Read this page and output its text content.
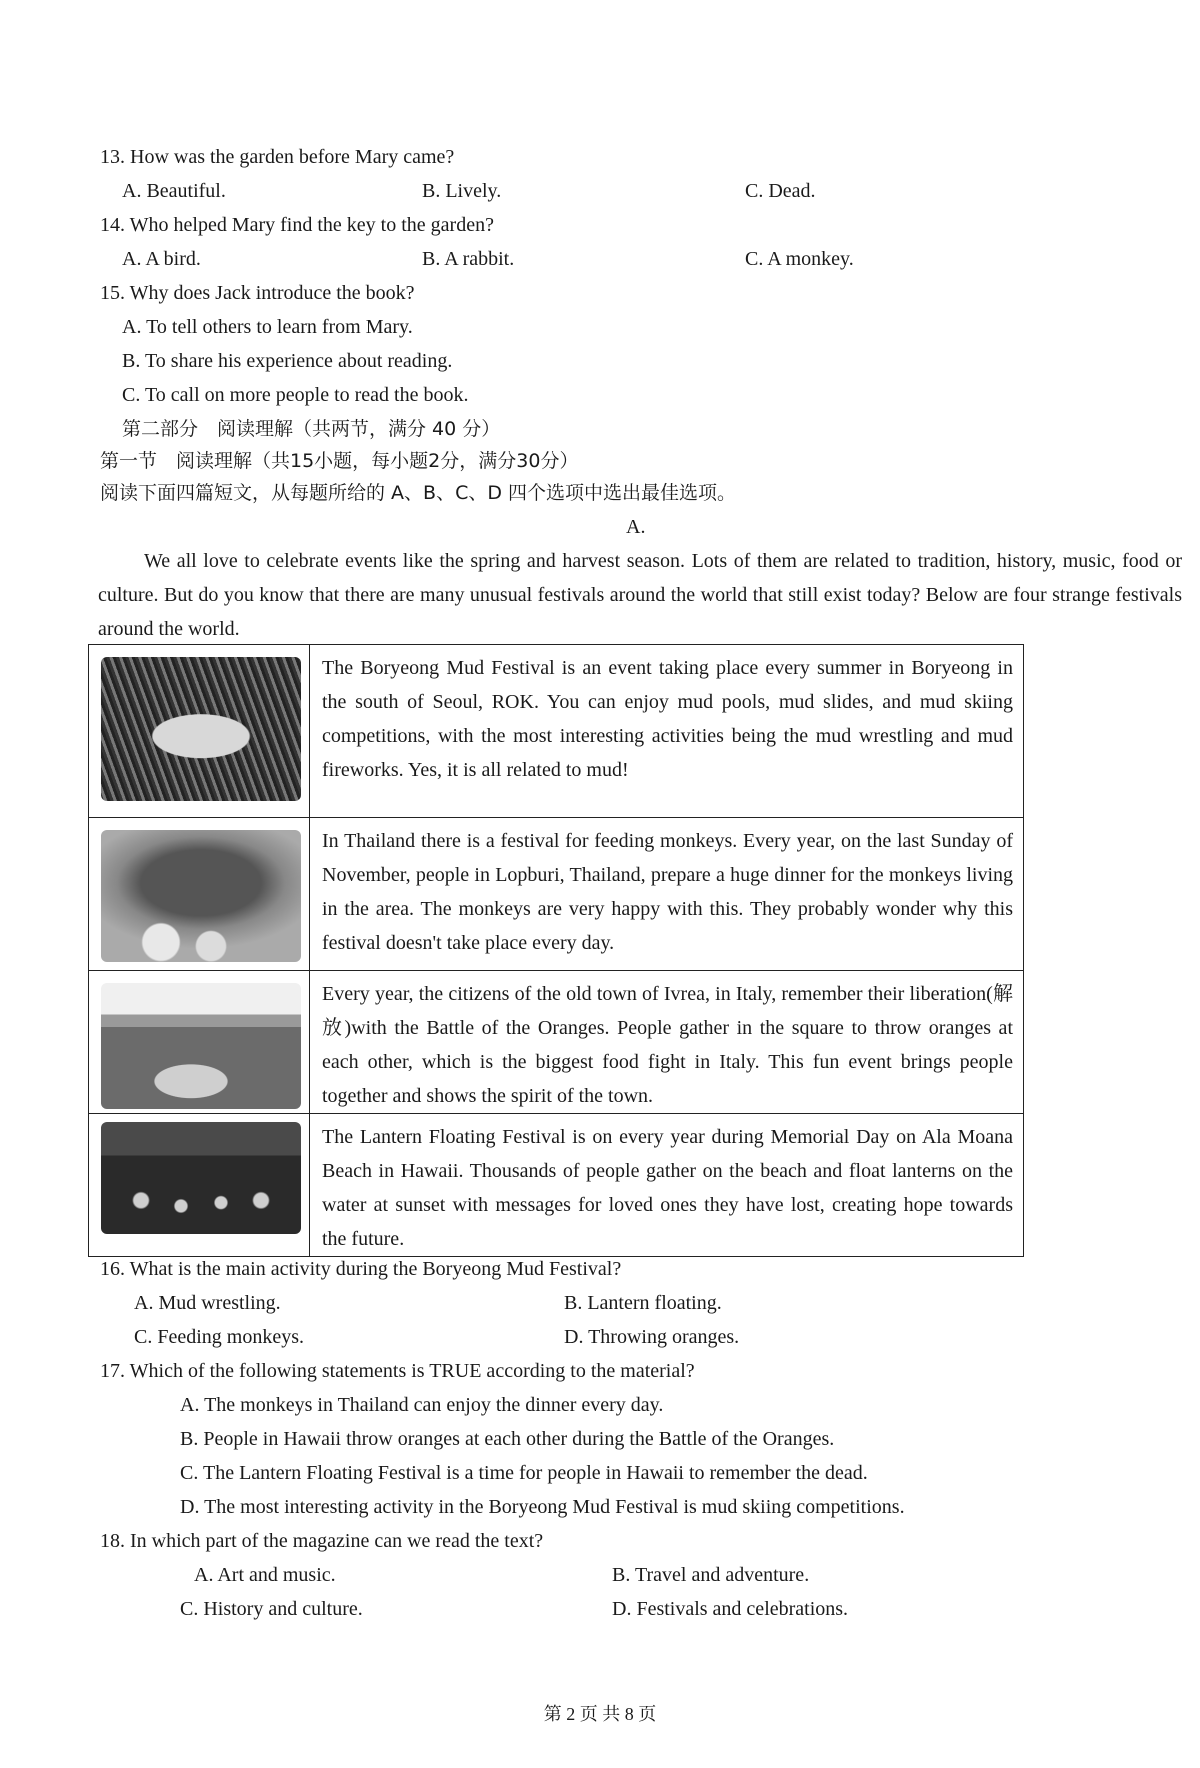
13. How was the garden before Mary came?
A. Beautiful.	B. Lively.	C. Dead.
14. Who helped Mary find the key to the garden?
A. A bird.	B. A rabbit.	C. A monkey.
15. Why does Jack introduce the book?
A. To tell others to learn from Mary.
B. To share his experience about reading.
C. To call on more people to read the book.
第二部分　阅读理解（共两节，满分 40 分）
第一节　阅读理解（共15小题，每小题2分，满分30分）
阅读下面四篇短文，从每题所给的 A、B、C、D 四个选项中选出最佳选项。
A.

We all love to celebrate events like the spring and harvest season. Lots of them are related to tradition, history, music, food or culture. But do you know that there are many unusual festivals around the world that still exist today? Below are four strange festivals around the world.

	The Boryeong Mud Festival is an event taking place every summer in Boryeong in the south of Seoul, ROK. You can enjoy mud pools, mud slides, and mud skiing competitions, with the most interesting activities being the mud wrestling and mud fireworks. Yes, it is all related to mud!

	In Thailand there is a festival for feeding monkeys. Every year, on the last Sunday of November, people in Lopburi, Thailand, prepare a huge dinner for the monkeys living in the area. The monkeys are very happy with this. They probably wonder why this festival doesn't take place every day.

	Every year, the citizens of the old town of Ivrea, in Italy, remember their liberation(解放)with the Battle of the Oranges. People gather in the square to throw oranges at each other, which is the biggest food fight in Italy. This fun event brings people together and shows the spirit of the town.

	The Lantern Floating Festival is on every year during Memorial Day on Ala Moana Beach in Hawaii. Thousands of people gather on the beach and float lanterns on the water at sunset with messages for loved ones they have lost, creating hope towards the future.
16. What is the main activity during the Boryeong Mud Festival?
A. Mud wrestling.	B. Lantern floating.
C. Feeding monkeys.	D. Throwing oranges.
17. Which of the following statements is TRUE according to the material?
A. The monkeys in Thailand can enjoy the dinner every day.
B. People in Hawaii throw oranges at each other during the Battle of the Oranges.
C. The Lantern Floating Festival is a time for people in Hawaii to remember the dead.
D. The most interesting activity in the Boryeong Mud Festival is mud skiing competitions.
18. In which part of the magazine can we read the text?
A. Art and music.	B. Travel and adventure.
C. History and culture.	D. Festivals and celebrations.
第 2 页 共 8 页
